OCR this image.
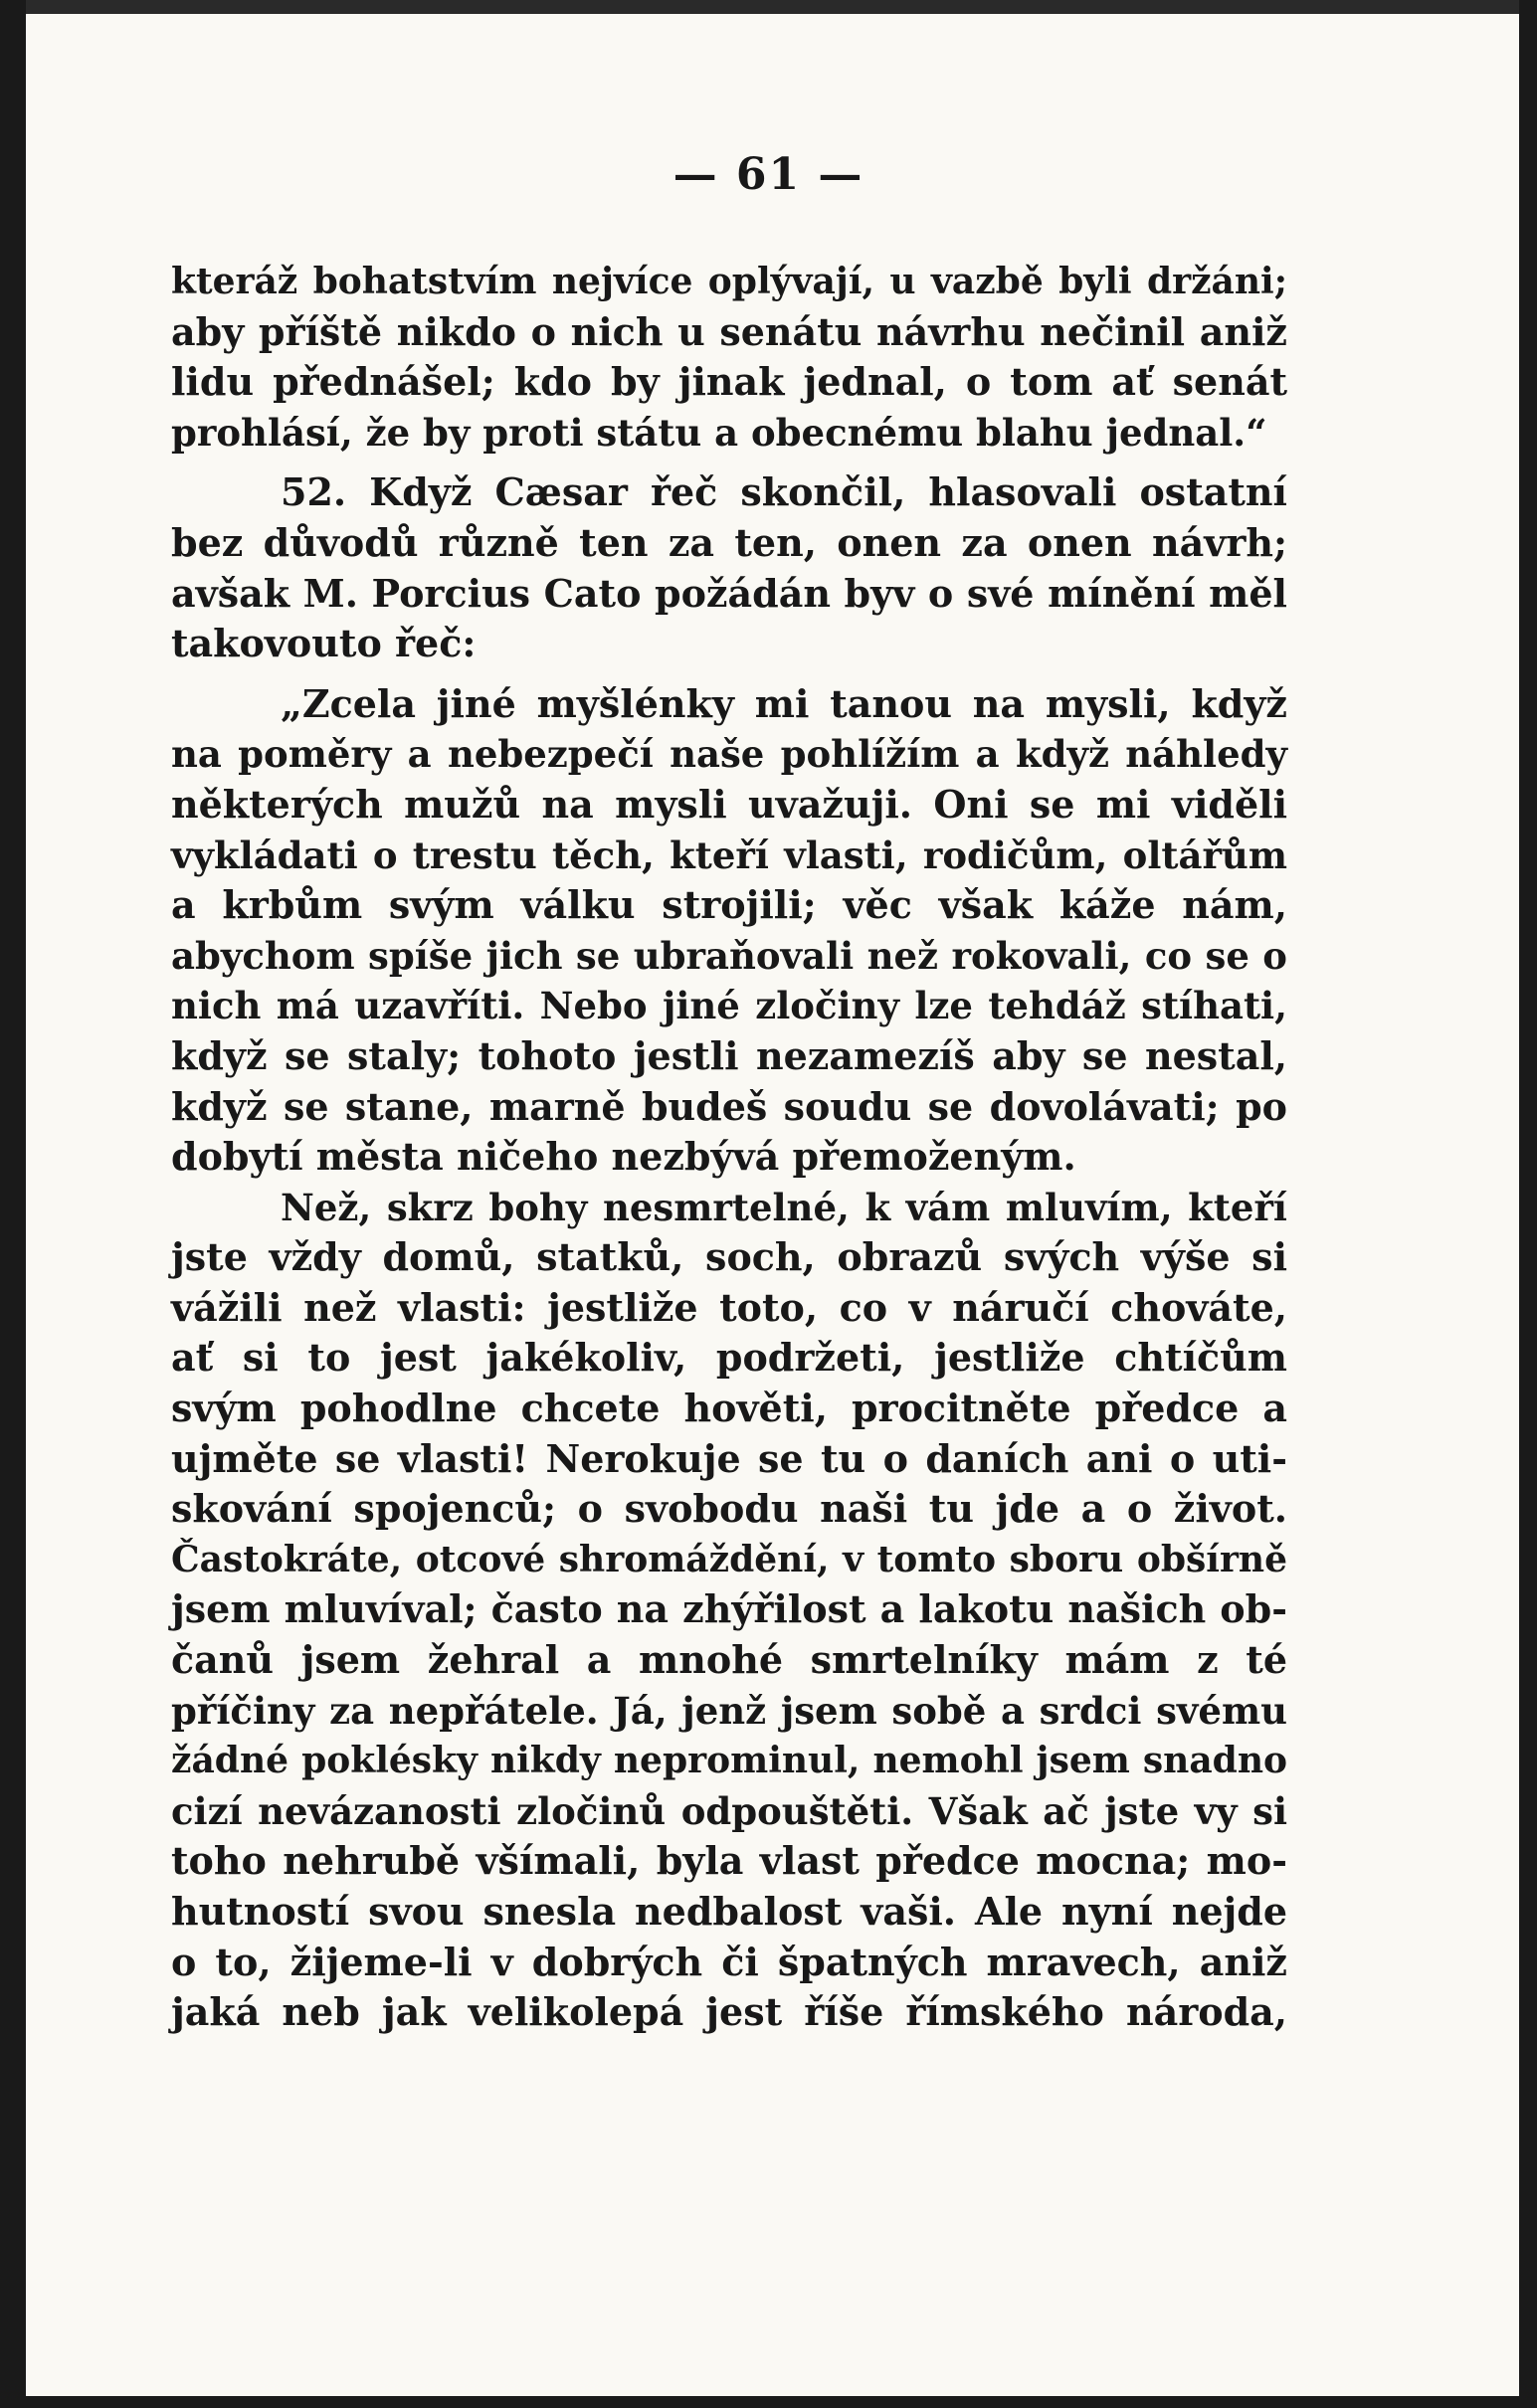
— 61 —
kteráž bohatstvím nejvíce oplývají, u vazbě byli držáni;
aby příště nikdo o nich u senátu návrhu nečinil aniž
lidu přednášel; kdo by jinak jednal, o tom ať senát
prohlásí, že by proti státu a obecnému blahu jednal.“
52. Když Cæsar řeč skončil, hlasovali ostatní
bez důvodů různě ten za ten, onen za onen návrh;
avšak M. Porcius Cato požádán byv o své mínění měl
takovouto řeč:
„Zcela jiné myšlénky mi tanou na mysli, když
na poměry a nebezpečí naše pohlížím a když náhledy
některých mužů na mysli uvažuji. Oni se mi viděli
vykládati o trestu těch, kteří vlasti, rodičům, oltářům
a krbům svým válku strojili; věc však káže nám,
abychom spíše jich se ubraňovali než rokovali, co se o
nich má uzavříti. Nebo jiné zločiny lze tehdáž stíhati,
když se staly; tohoto jestli nezamezíš aby se nestal,
když se stane, marně budeš soudu se dovolávati; po
dobytí města ničeho nezbývá přemoženým.
Než, skrz bohy nesmrtelné, k vám mluvím, kteří
jste vždy domů, statků, soch, obrazů svých výše si
vážili než vlasti: jestliže toto, co v náručí chováte,
ať si to jest jakékoliv, podržeti, jestliže chtíčům
svým pohodlne chcete hověti, procitněte předce a
ujměte se vlasti! Nerokuje se tu o daních ani o uti-
skování spojenců; o svobodu naši tu jde a o život.
Častokráte, otcové shromáždění, v tomto sboru obšírně
jsem mluvíval; často na zhýřilost a lakotu našich ob-
čanů jsem žehral a mnohé smrtelníky mám z té
příčiny za nepřátele. Já, jenž jsem sobě a srdci svému
žádné poklésky nikdy neprominul, nemohl jsem snadno
cizí nevázanosti zločinů odpouštěti. Však ač jste vy si
toho nehrubě všímali, byla vlast předce mocna; mo-
hutností svou snesla nedbalost vaši. Ale nyní nejde
o to, žijeme-li v dobrých či špatných mravech, aniž
jaká neb jak velikolepá jest říše římského národa,
